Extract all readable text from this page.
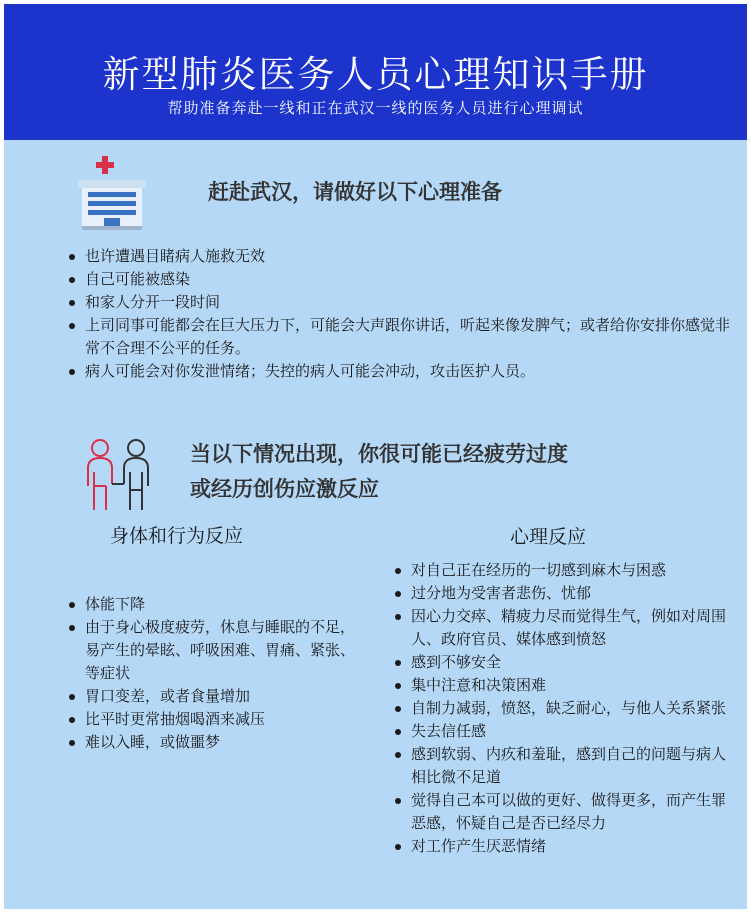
新型肺炎医务人员心理知识手册
帮助准备奔赴一线和正在武汉一线的医务人员进行心理调试
赶赴武汉，请做好以下心理准备
也许遭遇目睹病人施救无效
自己可能被感染
和家人分开一段时间
上司同事可能都会在巨大压力下，可能会大声跟你讲话，听起来像发脾气；或者给你安排你感觉非常不合理不公平的任务。
病人可能会对你发泄情绪；失控的病人可能会冲动，攻击医护人员。
当以下情况出现，你很可能已经疲劳过度
或经历创伤应激反应
身体和行为反应	心理反应
体能下降
由于身心极度疲劳，休息与睡眠的不足，易产生的晕眩、呼吸困难、胃痛、紧张、等症状
胃口变差，或者食量增加
比平时更常抽烟喝酒来减压
难以入睡，或做噩梦
对自己正在经历的一切感到麻木与困惑
过分地为受害者悲伤、忧郁
因心力交瘁、精疲力尽而觉得生气，例如对周围人、政府官员、媒体感到愤怒
感到不够安全
集中注意和决策困难
自制力减弱，愤怒，缺乏耐心，与他人关系紧张
失去信任感
感到软弱、内疚和羞耻，感到自己的问题与病人相比微不足道
觉得自己本可以做的更好、做得更多，而产生罪恶感，怀疑自己是否已经尽力
对工作产生厌恶情绪
